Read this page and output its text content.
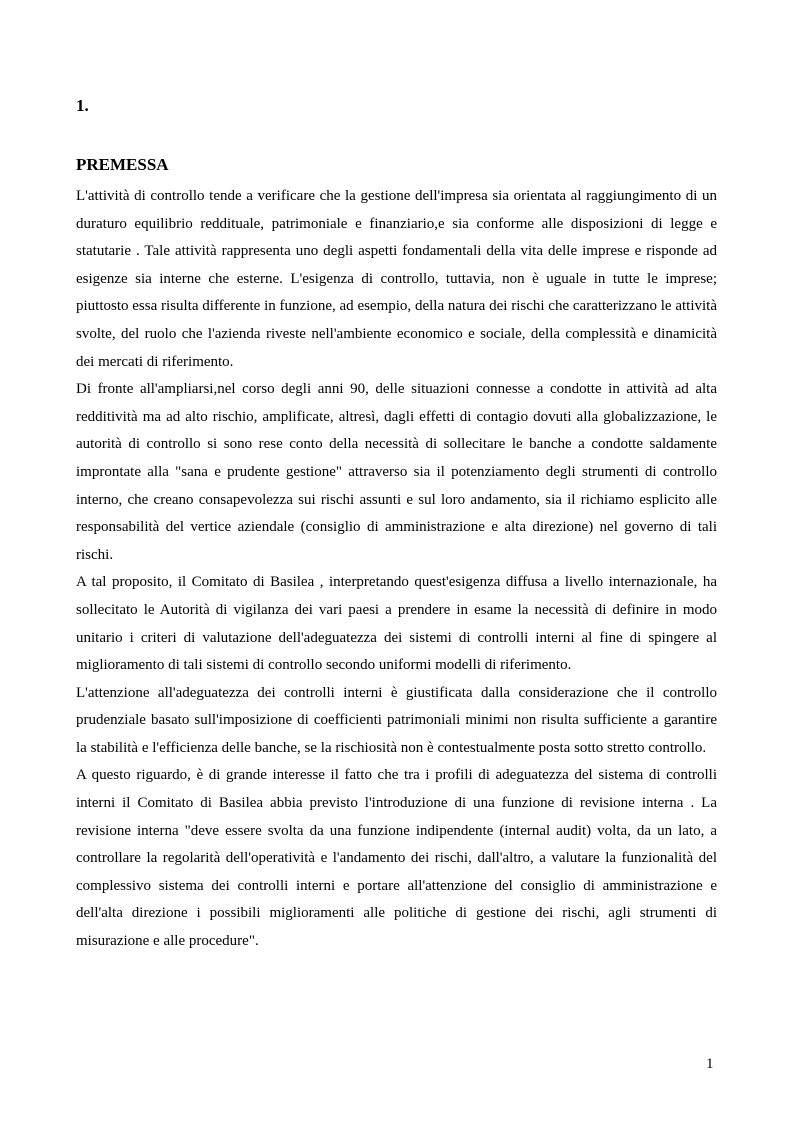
1.
PREMESSA

L'attività di controllo tende a verificare che la gestione dell'impresa sia orientata al raggiungimento di un duraturo equilibrio reddituale, patrimoniale e finanziario,e sia conforme alle disposizioni di legge e statutarie . Tale attività rappresenta uno degli aspetti fondamentali della vita delle imprese e risponde ad esigenze sia interne che esterne. L'esigenza di controllo, tuttavia, non è uguale in tutte le imprese; piuttosto essa risulta differente in funzione, ad esempio, della natura dei rischi che caratterizzano le attività svolte, del ruolo che l'azienda riveste nell'ambiente economico e sociale, della complessità e dinamicità dei mercati di riferimento.

Di fronte all'ampliarsi,nel corso degli anni 90, delle situazioni connesse a condotte in attività ad alta redditività ma ad alto rischio, amplificate, altresì, dagli effetti di contagio dovuti alla globalizzazione, le autorità di controllo si sono rese conto della necessità di sollecitare le banche a condotte saldamente improntate alla "sana e prudente gestione" attraverso sia il potenziamento degli strumenti di controllo interno, che creano consapevolezza sui rischi assunti e sul loro andamento, sia il richiamo esplicito alle responsabilità del vertice aziendale (consiglio di amministrazione e alta direzione) nel governo di tali rischi.

A tal proposito, il Comitato di Basilea , interpretando quest'esigenza diffusa a livello internazionale, ha sollecitato le Autorità di vigilanza dei vari paesi a prendere in esame la necessità di definire in modo unitario i criteri di valutazione dell'adeguatezza dei sistemi di controlli interni al fine di spingere al miglioramento di tali sistemi di controllo secondo uniformi modelli di riferimento.

L'attenzione all'adeguatezza dei controlli interni è giustificata dalla considerazione che il controllo prudenziale basato sull'imposizione di coefficienti patrimoniali minimi non risulta sufficiente a garantire la stabilità e l'efficienza delle banche, se la rischiosità non è contestualmente posta sotto stretto controllo.

A questo riguardo, è di grande interesse il fatto che tra i profili di adeguatezza del sistema di controlli interni il Comitato di Basilea abbia previsto l'introduzione di una funzione di revisione interna . La revisione interna "deve essere svolta da una funzione indipendente (internal audit) volta, da un lato, a controllare la regolarità dell'operatività e l'andamento dei rischi, dall'altro, a valutare la funzionalità del complessivo sistema dei controlli interni e portare all'attenzione del consiglio di amministrazione e dell'alta direzione i possibili miglioramenti alle politiche di gestione dei rischi, agli strumenti di misurazione e alle procedure".

1
